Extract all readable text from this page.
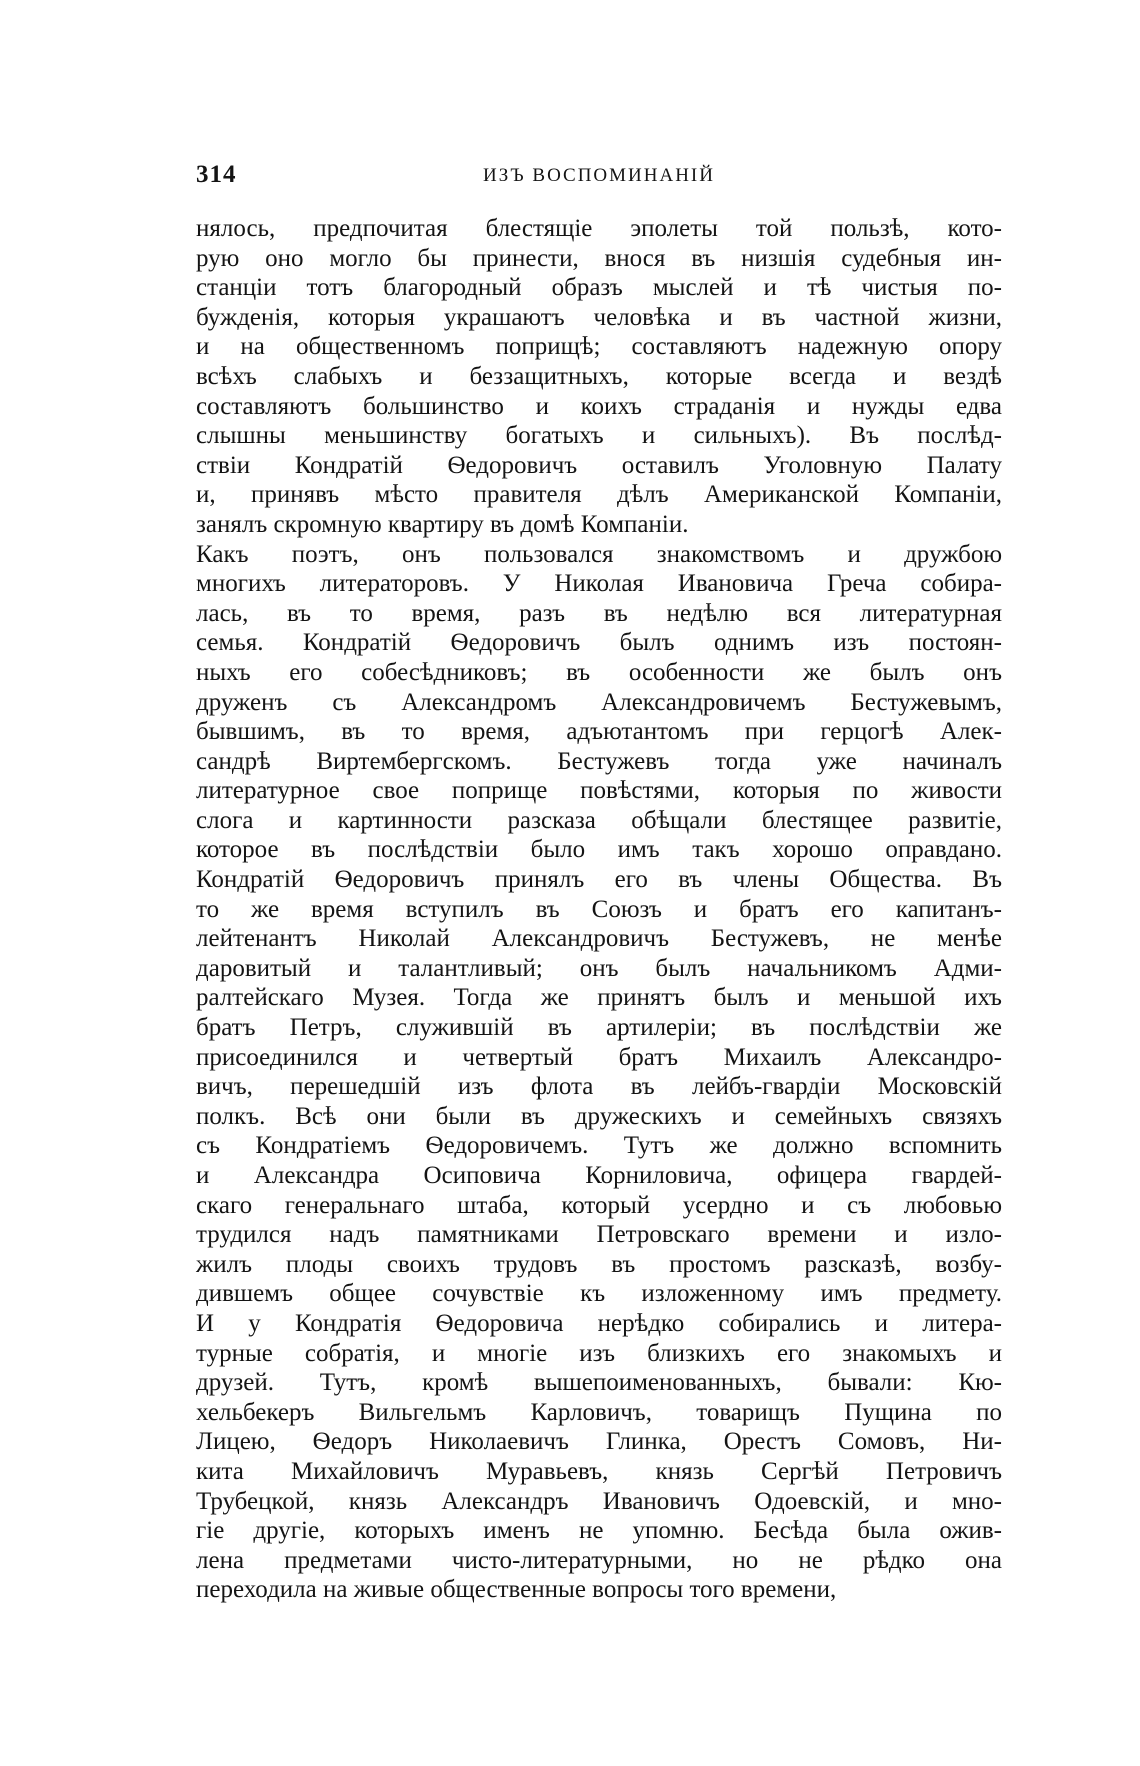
314	ИЗЪ ВОСПОМИНАНІЙ
нялось, предпочитая блестящіе эполеты той пользѣ, кото-
рую оно могло бы принести, внося въ низшія судебныя ин-
станціи тотъ благородный образъ мыслей и тѣ чистыя по-
бужденія, которыя украшаютъ человѣка и въ частной жизни,
и на общественномъ поприщѣ; составляютъ надежную опору
всѣхъ слабыхъ и беззащитныхъ, которые всегда и вездѣ
составляютъ большинство и коихъ страданія и нужды едва
слышны меньшинству богатыхъ и сильныхъ). Въ послѣд-
ствіи Кондратій Ѳедоровичъ оставилъ Уголовную Палату
и, принявъ мѣсто правителя дѣлъ Американской Компаніи,
занялъ скромную квартиру въ домѣ Компаніи.
Какъ поэтъ, онъ пользовался знакомствомъ и дружбою
многихъ литераторовъ. У Николая Ивановича Греча собира-
лась, въ то время, разъ въ недѣлю вся литературная
семья. Кондратій Ѳедоровичъ былъ однимъ изъ постоян-
ныхъ его собесѣдниковъ; въ особенности же былъ онъ
друженъ съ Александромъ Александровичемъ Бестужевымъ,
бывшимъ, въ то время, адъютантомъ при герцогѣ Алек-
сандрѣ Виртембергскомъ. Бестужевъ тогда уже начиналъ
литературное свое поприще повѣстями, которыя по живости
слога и картинности разсказа обѣщали блестящее развитіе,
которое въ послѣдствіи было имъ такъ хорошо оправдано.
Кондратій Ѳедоровичъ принялъ его въ члены Общества. Въ
то же время вступилъ въ Союзъ и братъ его капитанъ-
лейтенантъ Николай Александровичъ Бестужевъ, не менѣе
даровитый и талантливый; онъ былъ начальникомъ Адми-
ралтейскаго Музея. Тогда же принятъ былъ и меньшой ихъ
братъ Петръ, служившій въ артилеріи; въ послѣдствіи же
присоединился и четвертый братъ Михаилъ Александро-
вичъ, перешедшій изъ флота въ лейбъ-гвардіи Московскій
полкъ. Всѣ они были въ дружескихъ и семейныхъ связяхъ
съ Кондратіемъ Ѳедоровичемъ. Тутъ же должно вспомнить
и Александра Осиповича Корниловича, офицера гвардей-
скаго генеральнаго штаба, который усердно и съ любовью
трудился надъ памятниками Петровскаго времени и изло-
жилъ плоды своихъ трудовъ въ простомъ разсказѣ, возбу-
дившемъ общее сочувствіе къ изложенному имъ предмету.
И у Кондратія Ѳедоровича нерѣдко собирались и литера-
турные собратія, и многіе изъ близкихъ его знакомыхъ и
друзей. Тутъ, кромѣ вышепоименованныхъ, бывали: Кю-
хельбекеръ Вильгельмъ Карловичъ, товарищъ Пущина по
Лицею, Ѳедоръ Николаевичъ Глинка, Орестъ Сомовъ, Ни-
кита Михайловичъ Муравьевъ, князь Сергѣй Петровичъ
Трубецкой, князь Александръ Ивановичъ Одоевскій, и мно-
гіе другіе, которыхъ именъ не упомню. Бесѣда была ожив-
лена предметами чисто-литературными, но не рѣдко она
переходила на живые общественные вопросы того времени,
